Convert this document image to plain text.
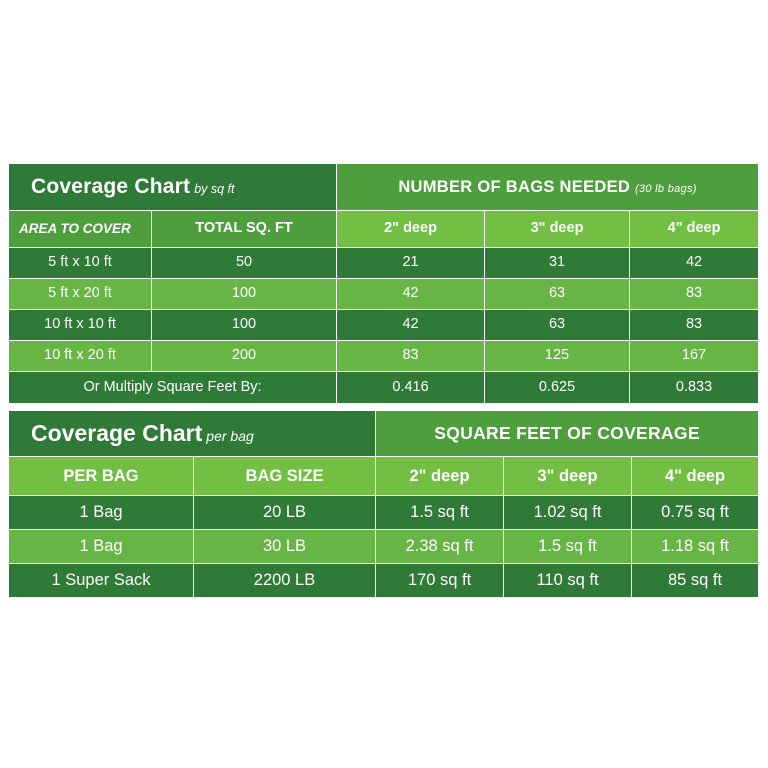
Coverage Chart by sq ft		NUMBER OF BAGS NEEDED (30 lb bags)		
AREA TO COVER	TOTAL SQ. FT	2" deep	3" deep	4" deep
5 ft x 10 ft	50	21	31	42
5 ft x 20 ft	100	42	63	83
10 ft x 10 ft	100	42	63	83
10 ft x 20 ft	200	83	125	167
Or Multiply Square Feet By:		0.416	0.625	0.833
Coverage Chart per bag		SQUARE FEET OF COVERAGE		
PER BAG	BAG SIZE	2" deep	3" deep	4" deep
1 Bag	20 LB	1.5 sq ft	1.02 sq ft	0.75 sq ft
1 Bag	30 LB	2.38 sq ft	1.5 sq ft	1.18 sq ft
1 Super Sack	2200 LB	170 sq ft	110 sq ft	85 sq ft
